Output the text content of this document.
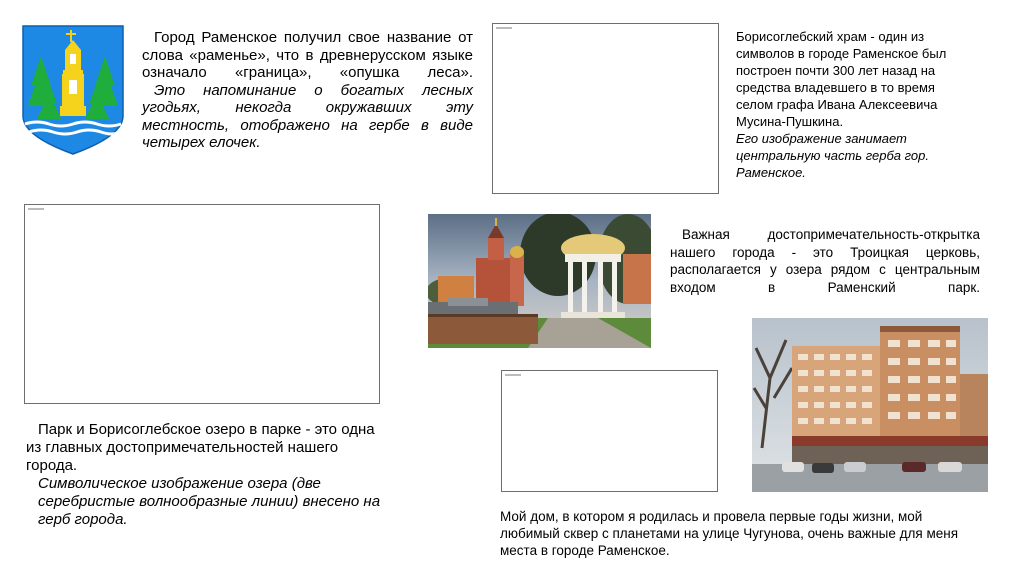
Город Раменское получил свое название от слова «раменье», что в древнерусском языке означало «граница», «опушка леса».
Это напоминание о богатых лесных угодьях, некогда окружавших эту местность, отображено на гербе в виде четырех елочек.
Борисоглебский храм - один из символов в городе Раменское был построен почти 300 лет назад на средства владевшего в то время селом графа Ивана Алексеевича Мусина-Пушкина.
Его изображение занимает центральную часть герба гор. Раменское.
Важная достопримечательность-открытка нашего города - это Троицкая церковь, располагается у озера рядом с центральным входом в Раменский парк.
Парк и Борисоглебское озеро в парке - это одна из главных достопримечательностей нашего города.
Символическое изображение озера (две серебристые волнообразные линии) внесено на герб города.	Мой дом, в котором я родилась и провела первые годы жизни, мой любимый сквер с планетами на улице Чугунова, очень важные для меня места в городе Раменское.
